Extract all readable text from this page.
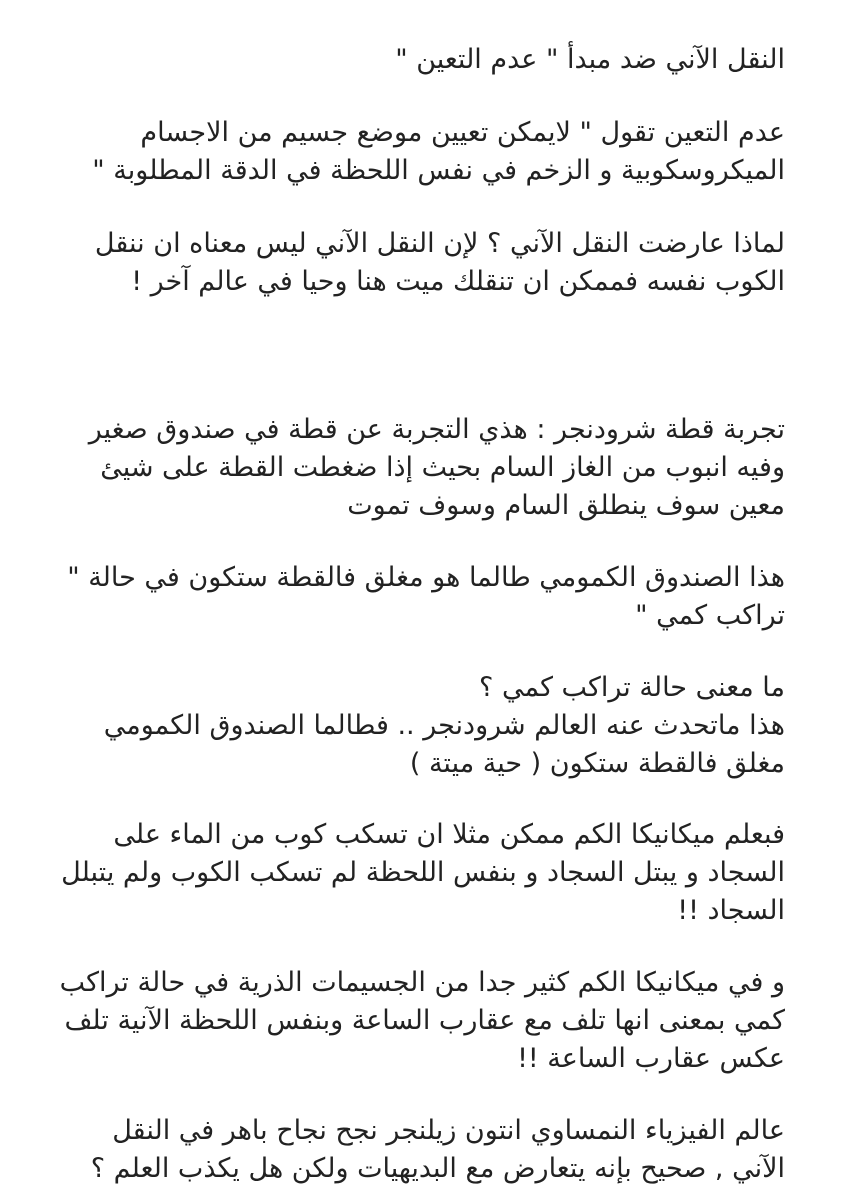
النقل الآني ضد مبدأ " عدم التعين "
عدم التعين تقول " لايمكن تعيين موضع جسيم من الاجسام
الميكروسكوبية و الزخم في نفس اللحظة في الدقة المطلوبة "
لماذا عارضت النقل الآني ؟ لإن النقل الآني ليس معناه ان ننقل
الكوب نفسه فممكن ان تنقلك ميت هنا وحيا في عالم آخر !
تجربة قطة شرودنجر : هذي التجربة عن قطة في صندوق صغير
وفيه انبوب من الغاز السام بحيث إذا ضغطت القطة على شيئ
معين سوف ينطلق السام وسوف تموت
هذا الصندوق الكمومي طالما هو مغلق فالقطة ستكون في حالة "
تراكب كمي "
ما معنى حالة تراكب كمي ؟
هذا ماتحدث عنه العالم شرودنجر .. فطالما الصندوق الكمومي
مغلق فالقطة ستكون ( حية ميتة )
فبعلم ميكانيكا الكم ممكن مثلا ان تسكب كوب من الماء على
السجاد و يبتل السجاد و بنفس اللحظة لم تسكب الكوب ولم يتبلل
السجاد !!
و في ميكانيكا الكم كثير جدا من الجسيمات الذرية في حالة تراكب
كمي بمعنى انها تلف مع عقارب الساعة وبنفس اللحظة الآنية تلف
عكس عقارب الساعة !!
عالم الفيزياء النمساوي انتون زيلنجر نجح نجاح باهر في النقل
الآني , صحيح بإنه يتعارض مع البديهيات ولكن هل يكذب العلم ؟
